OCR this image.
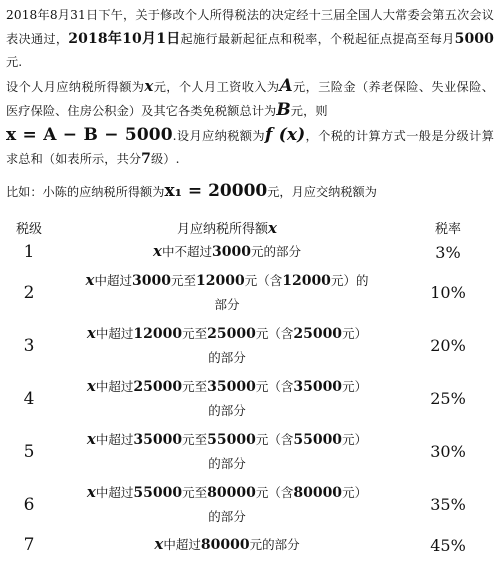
2018年8月31日下午，关于修改个人所得税法的决定经十三届全国人大常委会第五次会议表决通过，2018年10月1日起施行最新起征点和税率，个税起征点提高至每月5000元.

设个人月应纳税所得额为x元，个人月工资收入为A元，三险金（养老保险、失业保险、医疗保险、住房公积金）及其它各类免税额总计为B元，则
x = A − B − 5000.设月应纳税额为f (x)，个税的计算方式一般是分级计算求总和（如表所示，共分7级）.

比如：小陈的应纳税所得额为x₁ = 20000元，月应交纳税额为
税级	月应纳税所得额x	税率
1	x中不超过3000元的部分	3%
2	x中超过3000元至12000元（含12000元）的
部分	10%
3	x中超过12000元至25000元（含25000元）
的部分	20%
4	x中超过25000元至35000元（含35000元）
的部分	25%
5	x中超过35000元至55000元（含55000元）
的部分	30%
6	x中超过55000元至80000元（含80000元）
的部分	35%
7	x中超过80000元的部分	45%
